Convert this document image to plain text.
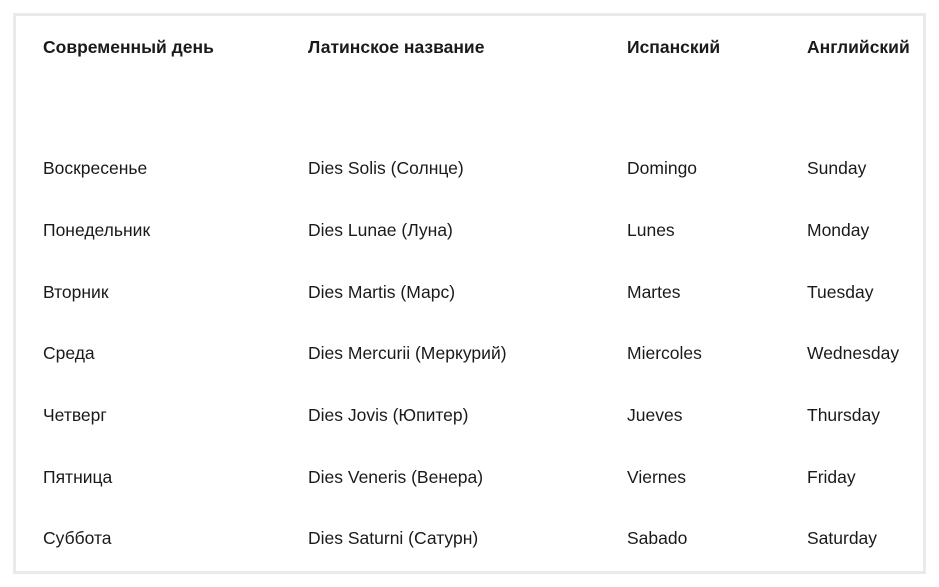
Современный день	Латинское название	Испанский	Английский

Воскресенье	Dies Solis (Солнце)	Domingo	Sunday
Понедельник	Dies Lunae (Луна)	Lunes	Monday
Вторник	Dies Martis (Марс)	Martes	Tuesday
Среда	Dies Mercurii (Меркурий)	Miercoles	Wednesday
Четверг	Dies Jovis (Юпитер)	Jueves	Thursday
Пятница	Dies Veneris (Венера)	Viernes	Friday
Суббота	Dies Saturni (Сатурн)	Sabado	Saturday
